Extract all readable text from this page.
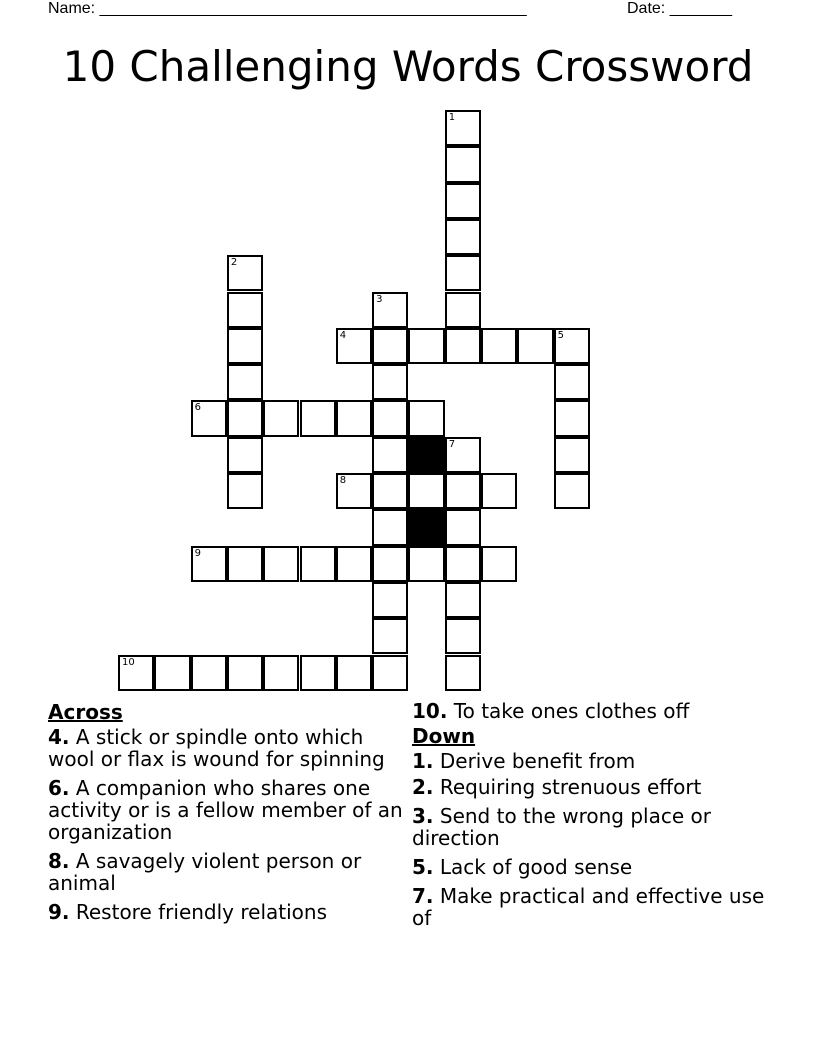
Name: ________________________________________________	Date: _______
10 Challenging Words Crossword
1
2
3
4	5
6
7
8
9
10
Across
4. A stick or spindle onto which wool or flax is wound for spinning
6. A companion who shares one activity or is a fellow member of an organization
8. A savagely violent person or animal
9. Restore friendly relations
10. To take ones clothes off
Down
1. Derive benefit from
2. Requiring strenuous effort
3. Send to the wrong place or direction
5. Lack of good sense
7. Make practical and effective use of
